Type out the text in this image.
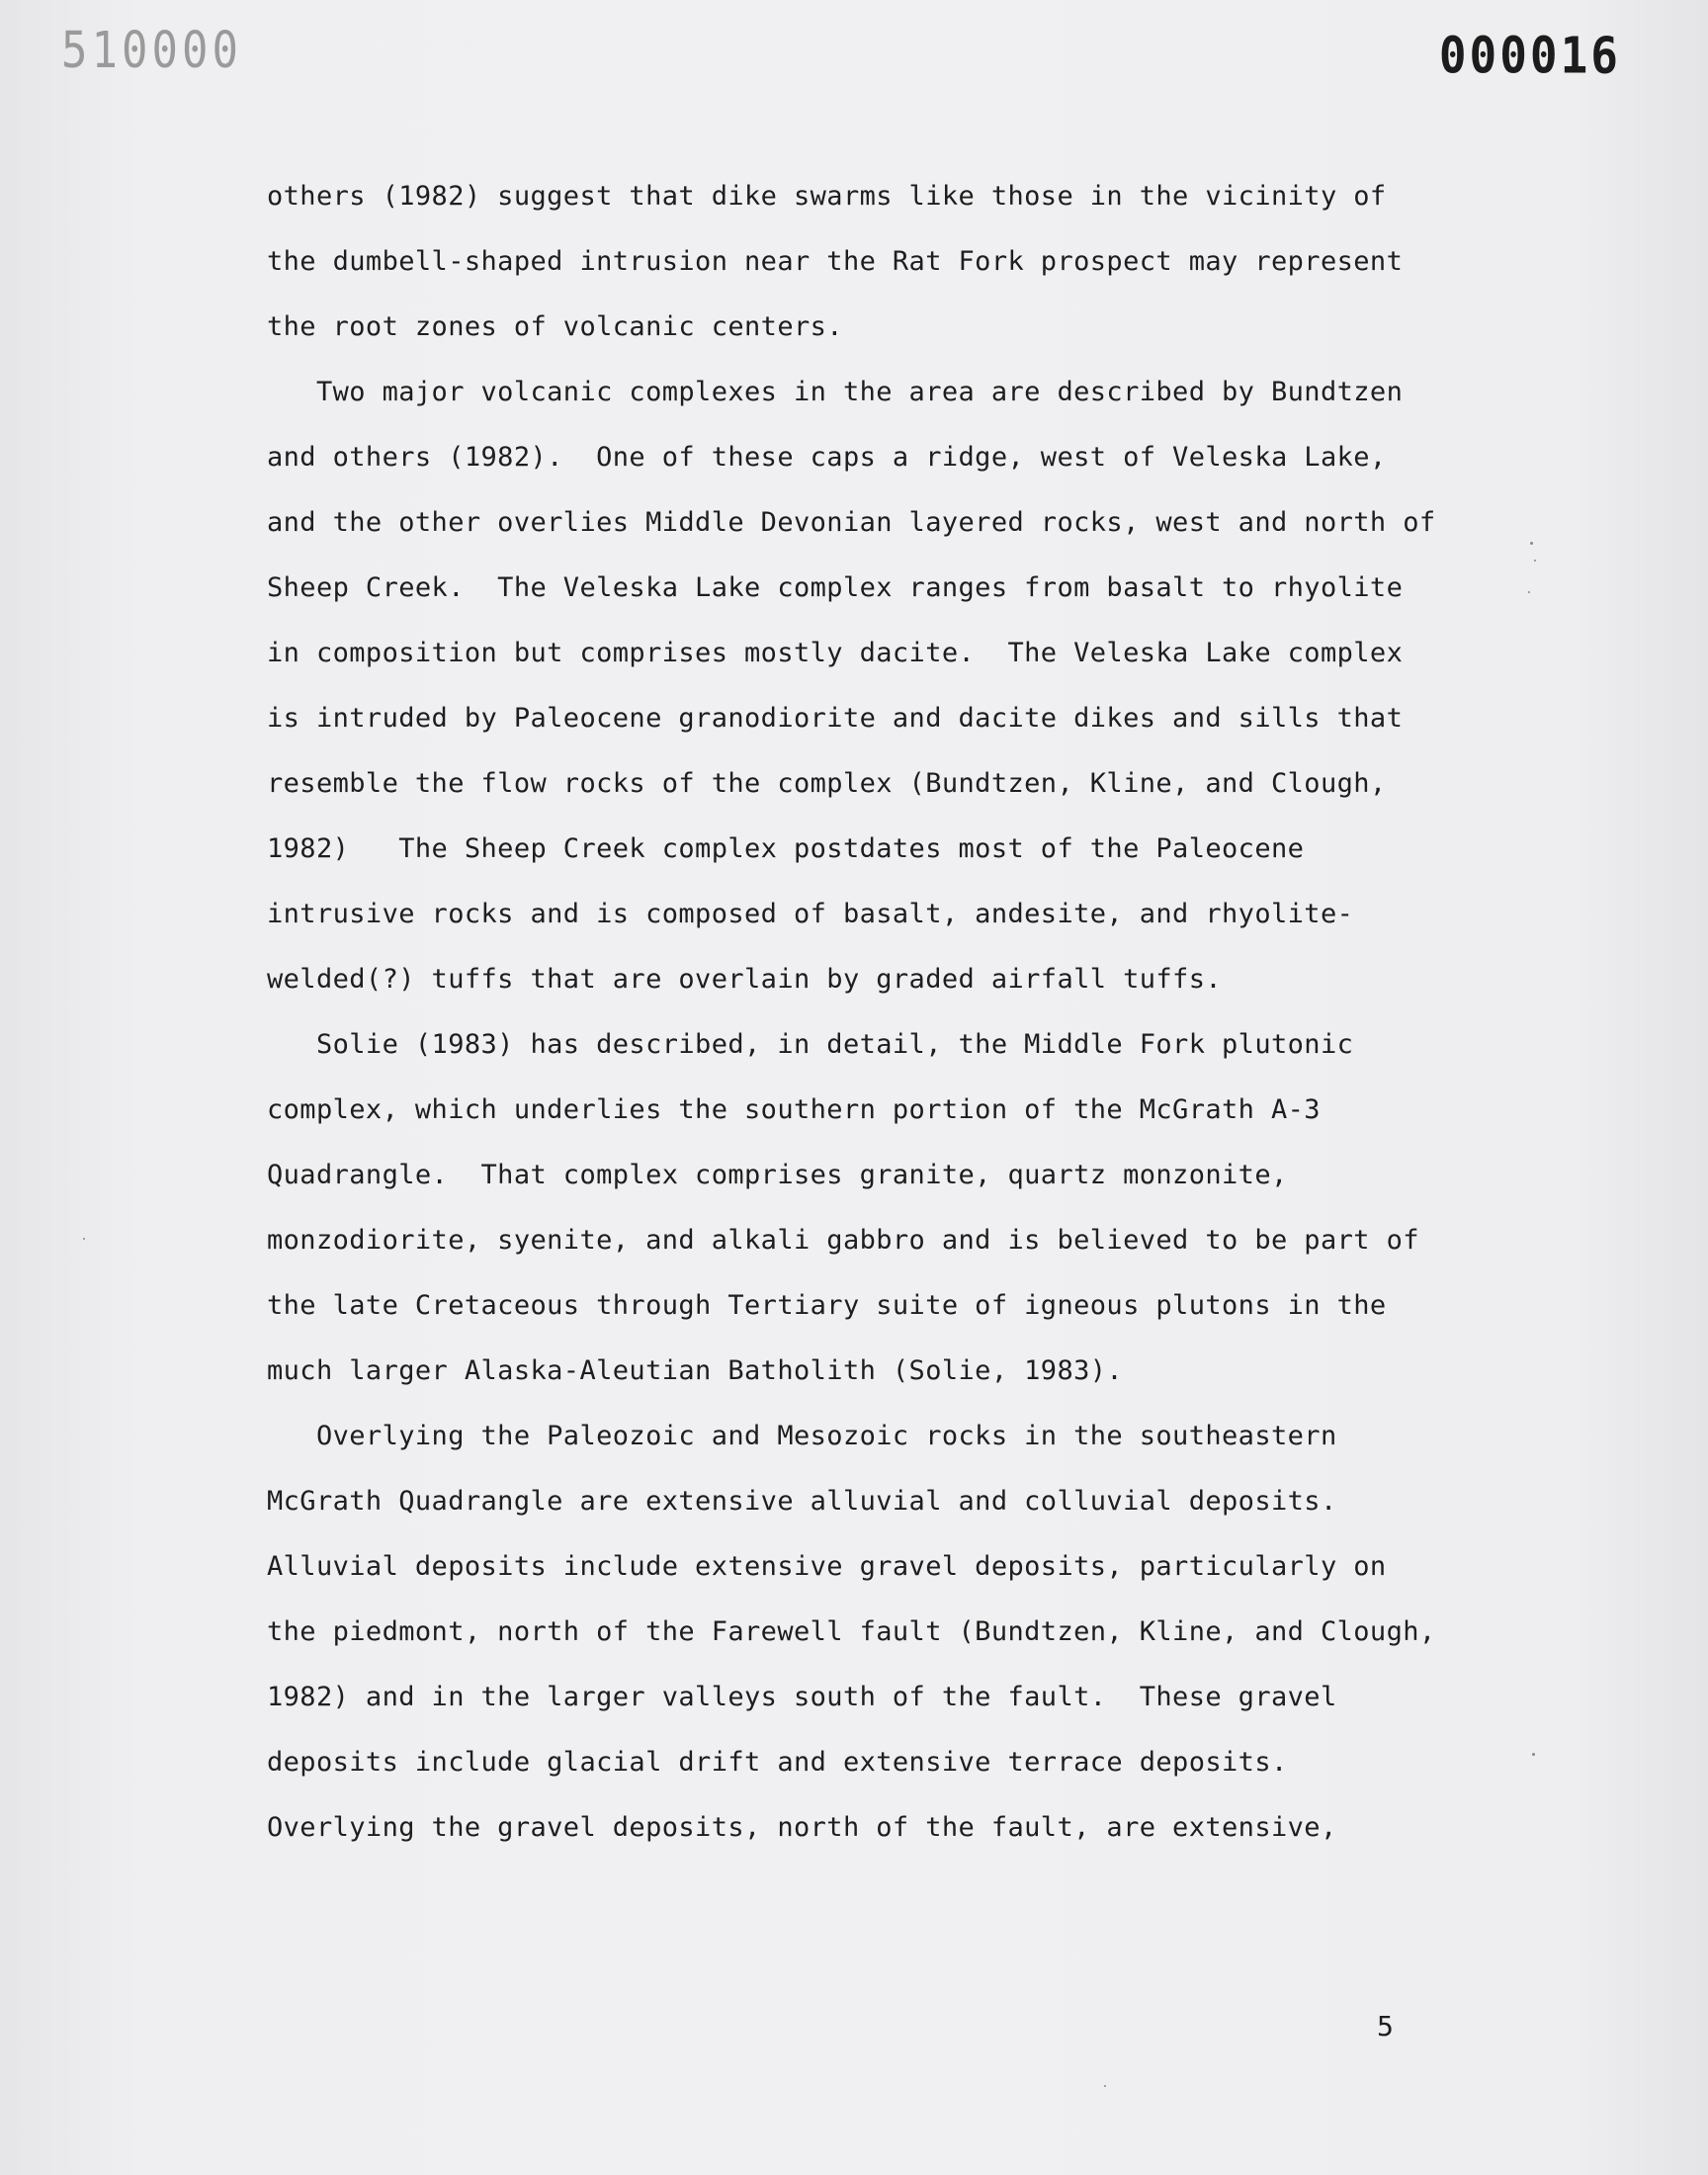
510000	000016
others (1982) suggest that dike swarms like those in the vicinity of
the dumbell-shaped intrusion near the Rat Fork prospect may represent
the root zones of volcanic centers.
Two major volcanic complexes in the area are described by Bundtzen
and others (1982).  One of these caps a ridge, west of Veleska Lake,
and the other overlies Middle Devonian layered rocks, west and north of
Sheep Creek.  The Veleska Lake complex ranges from basalt to rhyolite
in composition but comprises mostly dacite.  The Veleska Lake complex
is intruded by Paleocene granodiorite and dacite dikes and sills that
resemble the flow rocks of the complex (Bundtzen, Kline, and Clough,
1982)   The Sheep Creek complex postdates most of the Paleocene
intrusive rocks and is composed of basalt, andesite, and rhyolite-
welded(?) tuffs that are overlain by graded airfall tuffs.
Solie (1983) has described, in detail, the Middle Fork plutonic
complex, which underlies the southern portion of the McGrath A-3
Quadrangle.  That complex comprises granite, quartz monzonite,
monzodiorite, syenite, and alkali gabbro and is believed to be part of
the late Cretaceous through Tertiary suite of igneous plutons in the
much larger Alaska-Aleutian Batholith (Solie, 1983).
Overlying the Paleozoic and Mesozoic rocks in the southeastern
McGrath Quadrangle are extensive alluvial and colluvial deposits.
Alluvial deposits include extensive gravel deposits, particularly on
the piedmont, north of the Farewell fault (Bundtzen, Kline, and Clough,
1982) and in the larger valleys south of the fault.  These gravel
deposits include glacial drift and extensive terrace deposits.
Overlying the gravel deposits, north of the fault, are extensive,
5
